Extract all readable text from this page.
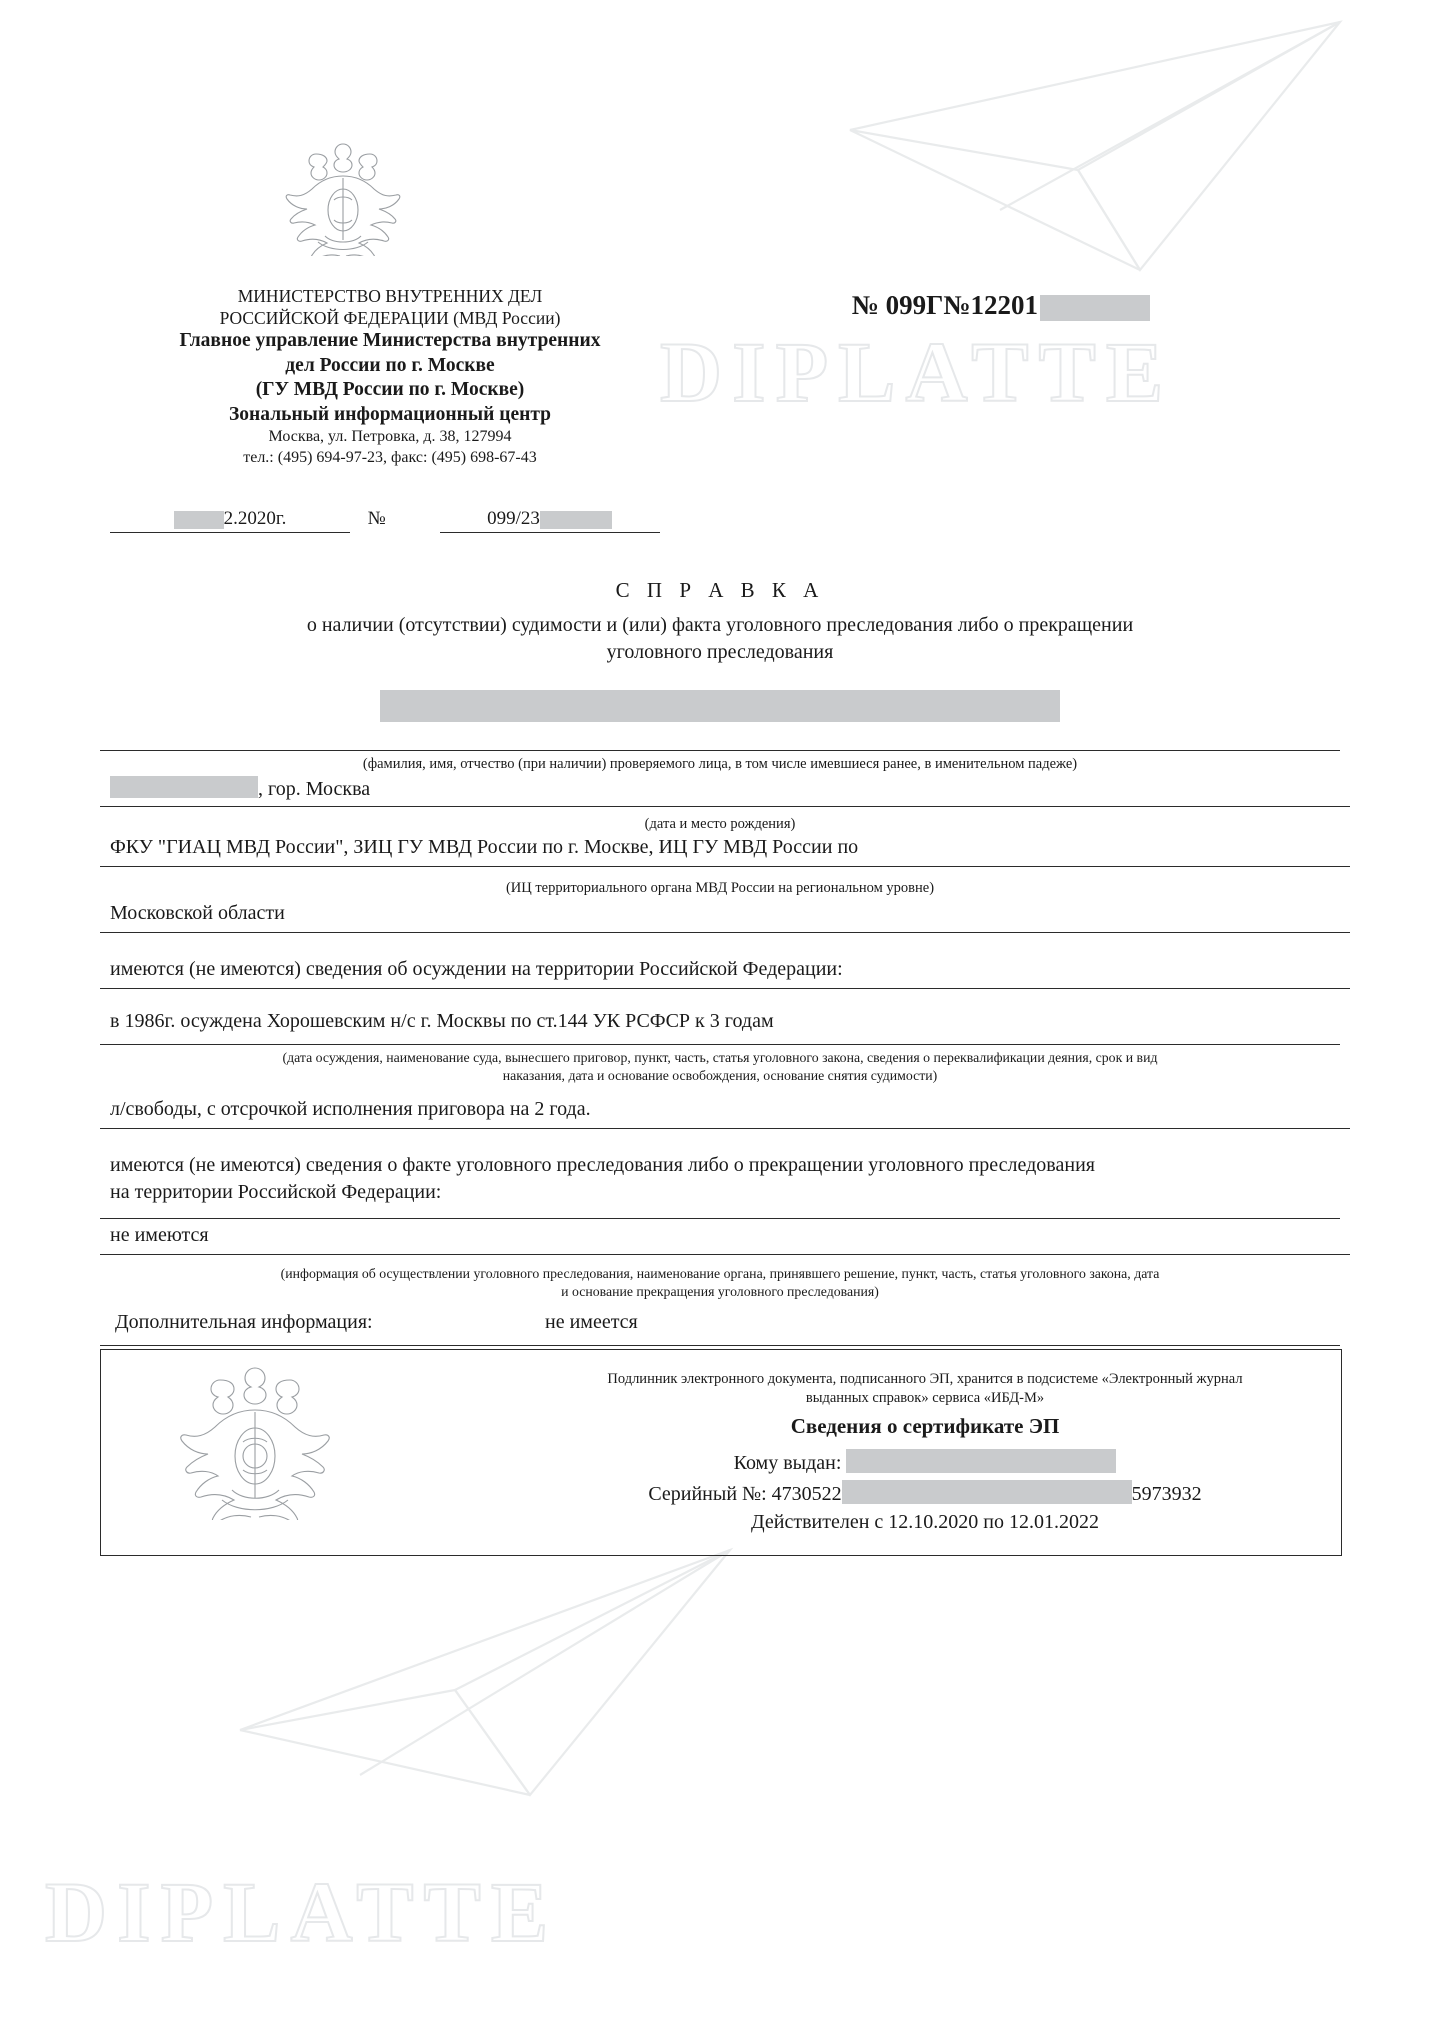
DIPLATTE
DIPLATTE
МИНИСТЕРСТВО ВНУТРЕННИХ ДЕЛ
РОССИЙСКОЙ ФЕДЕРАЦИИ (МВД России)
Главное управление Министерства внутренних
дел России по г. Москве
(ГУ МВД России по г. Москве)
Зональный информационный центр
Москва, ул. Петровка, д. 38, 127994
тел.: (495) 694-97-23, факс: (495) 698-67-43
№ 099Г№12201
2.2020г.	№	099/23
С П Р А В К А
о наличии (отсутствии) судимости и (или) факта уголовного преследования либо о прекращении
уголовного преследования
(фамилия, имя, отчество (при наличии) проверяемого лица, в том числе имевшиеся ранее, в именительном падеже)
, гор. Москва
(дата и место рождения)
ФКУ "ГИАЦ МВД России", ЗИЦ ГУ МВД России по г. Москве, ИЦ ГУ МВД России по
(ИЦ территориального органа МВД России на региональном уровне)
Московской области
имеются (не имеются) сведения об осуждении на территории Российской Федерации:
в 1986г. осуждена Хорошевским н/с г. Москвы по ст.144 УК РСФСР к 3 годам
(дата осуждения, наименование суда, вынесшего приговор, пункт, часть, статья уголовного закона, сведения о переквалификации деяния, срок и вид
наказания, дата и основание освобождения, основание снятия судимости)
л/свободы, с отсрочкой исполнения приговора на 2 года.
имеются (не имеются) сведения о факте уголовного преследования либо о прекращении уголовного преследования
на территории Российской Федерации:
не имеются
(информация об осуществлении уголовного преследования, наименование органа, принявшего решение, пункт, часть, статья уголовного закона, дата
и основание прекращения уголовного преследования)
Дополнительная информация:	не имеется
Подлинник электронного документа, подписанного ЭП, хранится в подсистеме «Электронный журнал
выданных справок» сервиса «ИБД-М»
Сведения о сертификате ЭП
Кому выдан:
Серийный №: 4730522	5973932
Действителен с 12.10.2020 по 12.01.2022
